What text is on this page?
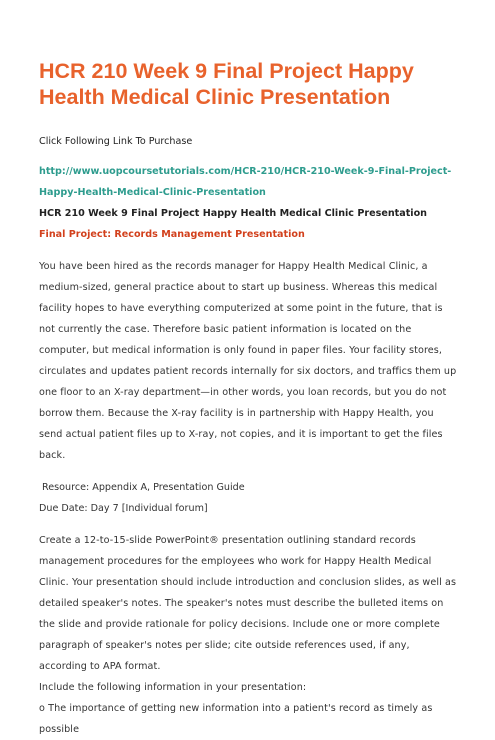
HCR 210 Week 9 Final Project Happy Health Medical Clinic Presentation

Click Following Link To Purchase

http://www.uopcoursetutorials.com/HCR-210/HCR-210-Week-9-Final-Project-Happy-Health-Medical-Clinic-Presentation

HCR 210 Week 9 Final Project Happy Health Medical Clinic Presentation

Final Project: Records Management Presentation

You have been hired as the records manager for Happy Health Medical Clinic, a medium-sized, general practice about to start up business. Whereas this medical facility hopes to have everything computerized at some point in the future, that is not currently the case. Therefore basic patient information is located on the computer, but medical information is only found in paper files. Your facility stores, circulates and updates patient records internally for six doctors, and traffics them up one floor to an X-ray department—in other words, you loan records, but you do not borrow them. Because the X-ray facility is in partnership with Happy Health, you send actual patient files up to X-ray, not copies, and it is important to get the files back.

Resource: Appendix A, Presentation Guide

Due Date: Day 7 [Individual forum]

Create a 12-to-15-slide PowerPoint® presentation outlining standard records management procedures for the employees who work for Happy Health Medical Clinic. Your presentation should include introduction and conclusion slides, as well as detailed speaker's notes. The speaker's notes must describe the bulleted items on the slide and provide rationale for policy decisions. Include one or more complete paragraph of speaker's notes per slide; cite outside references used, if any, according to APA format.
Include the following information in your presentation:
o The importance of getting new information into a patient's record as timely as possible
